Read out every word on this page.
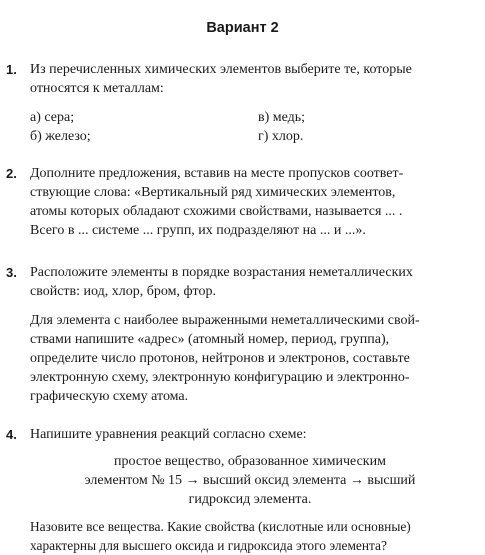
Вариант 2
1. Из перечисленных химических элементов выберите те, которые

относятся к металлам:

а) сера;
б) железо;
в) медь;
г) хлор.
2. Дополните предложения, вставив на месте пропусков соответ-

ствующие слова: «Вертикальный ряд химических элементов,

атомы которых обладают схожими свойствами, называется ... .

Всего в ... системе ... групп, их подразделяют на ... и ...».

3. Расположите элементы в порядке возрастания неметаллических

свойств: иод, хлор, бром, фтор.

Для элемента с наиболее выраженными неметаллическими свой-

ствами напишите «адрес» (атомный номер, период, группа),

определите число протонов, нейтронов и электронов, составьте

электронную схему, электронную конфигурацию и электронно-

графическую схему атома.

4. Напишите уравнения реакций согласно схеме:

простое вещество, образованное химическим

элементом № 15 → высший оксид элемента → высший

гидроксид элемента.

Назовите все вещества. Какие свойства (кислотные или основные)

характерны для высшего оксида и гидроксида этого элемента?
